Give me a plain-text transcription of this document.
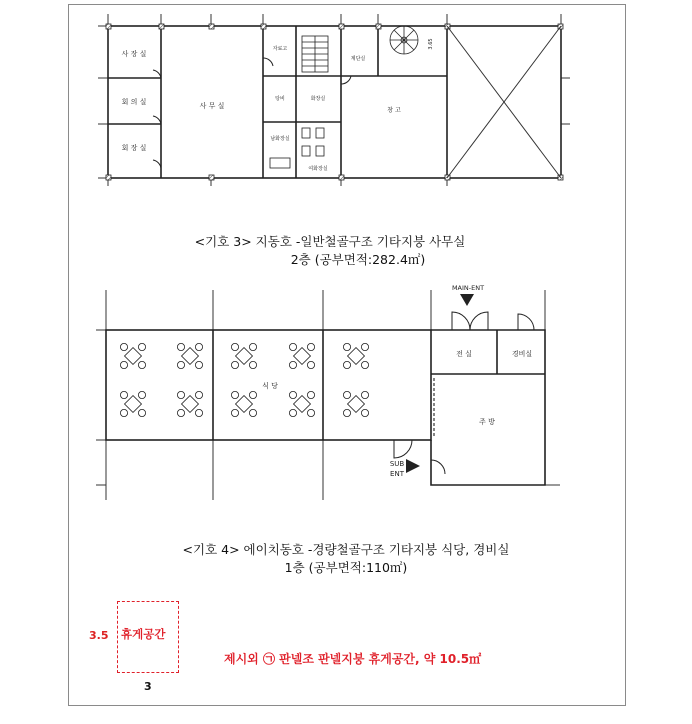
사 장 실
회 의 실
회 장 실
사 무 실
자료고
탕비	화장실
남화장실
여화장실
계단실
창 고
3.65
MAIN-ENT
SUB
ENT
식 당
전 실	경비실
주 방
<기호 3> 지동호 -일반철골구조 기타지붕 사무실
2층 (공부면적:282.4㎡)
<기호 4> 에이치동호 -경량철골구조 기타지붕 식당, 경비실
1층 (공부면적:110㎡)
휴게공간
3.5
3
제시외 ㉠ 판넬조 판넬지붕 휴게공간, 약 10.5㎡
